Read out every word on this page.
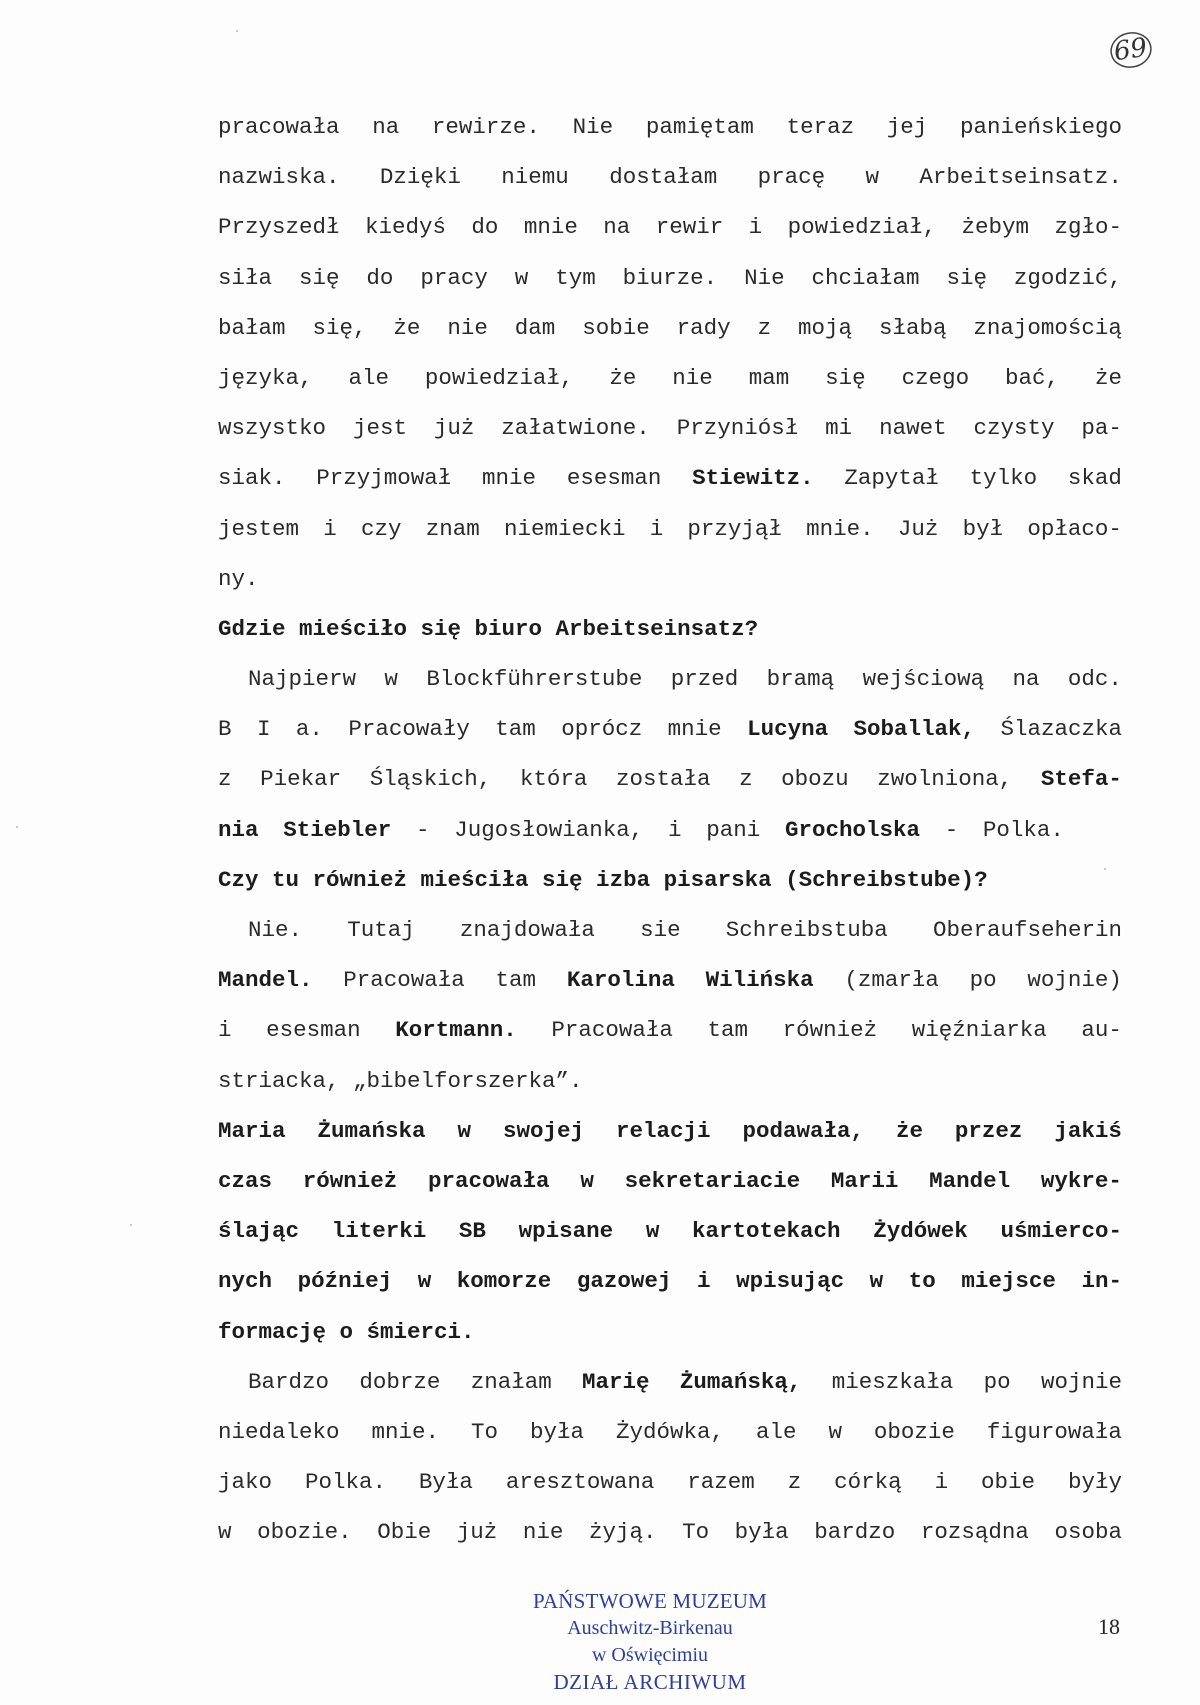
69
pracowała na rewirze. Nie pamiętam teraz jej panieńskiego
nazwiska. Dzięki niemu dostałam pracę w Arbeitseinsatz.
Przyszedł kiedyś do mnie na rewir i powiedział, żebym zgło-
siła się do pracy w tym biurze. Nie chciałam się zgodzić,
bałam się, że nie dam sobie rady z moją słabą znajomością
języka, ale powiedział, że nie mam się czego bać, że
wszystko jest już załatwione. Przyniósł mi nawet czysty pa-
siak. Przyjmował mnie esesman Stiewitz. Zapytał tylko skad
jestem i czy znam niemiecki i przyjął mnie. Już był opłaco-
ny.
Gdzie mieściło się biuro Arbeitseinsatz?
Najpierw w Blockführerstube przed bramą wejściową na odc.
B I a. Pracowały tam oprócz mnie Lucyna Soballak, Ślazaczka
z Piekar Śląskich, która została z obozu zwolniona, Stefa-
nia Stiebler - Jugosłowianka, i pani Grocholska - Polka.
Czy tu również mieściła się izba pisarska (Schreibstube)?
Nie. Tutaj znajdowała sie Schreibstuba Oberaufseherin
Mandel. Pracowała tam Karolina Wilińska (zmarła po wojnie)
i esesman Kortmann. Pracowała tam również więźniarka au-
striacka, „bibelforszerka”.
Maria Żumańska w swojej relacji podawała, że przez jakiś
czas również pracowała w sekretariacie Marii Mandel wykre-
ślając literki SB wpisane w kartotekach Żydówek uśmierco-
nych później w komorze gazowej i wpisując w to miejsce in-
formację o śmierci.
Bardzo dobrze znałam Marię Żumańską, mieszkała po wojnie
niedaleko mnie. To była Żydówka, ale w obozie figurowała
jako Polka. Była aresztowana razem z córką i obie były
w obozie. Obie już nie żyją. To była bardzo rozsądna osoba
PAŃSTWOWE MUZEUM
Auschwitz-Birkenau
w Oświęcimiu
DZIAŁ ARCHIWUM
18
